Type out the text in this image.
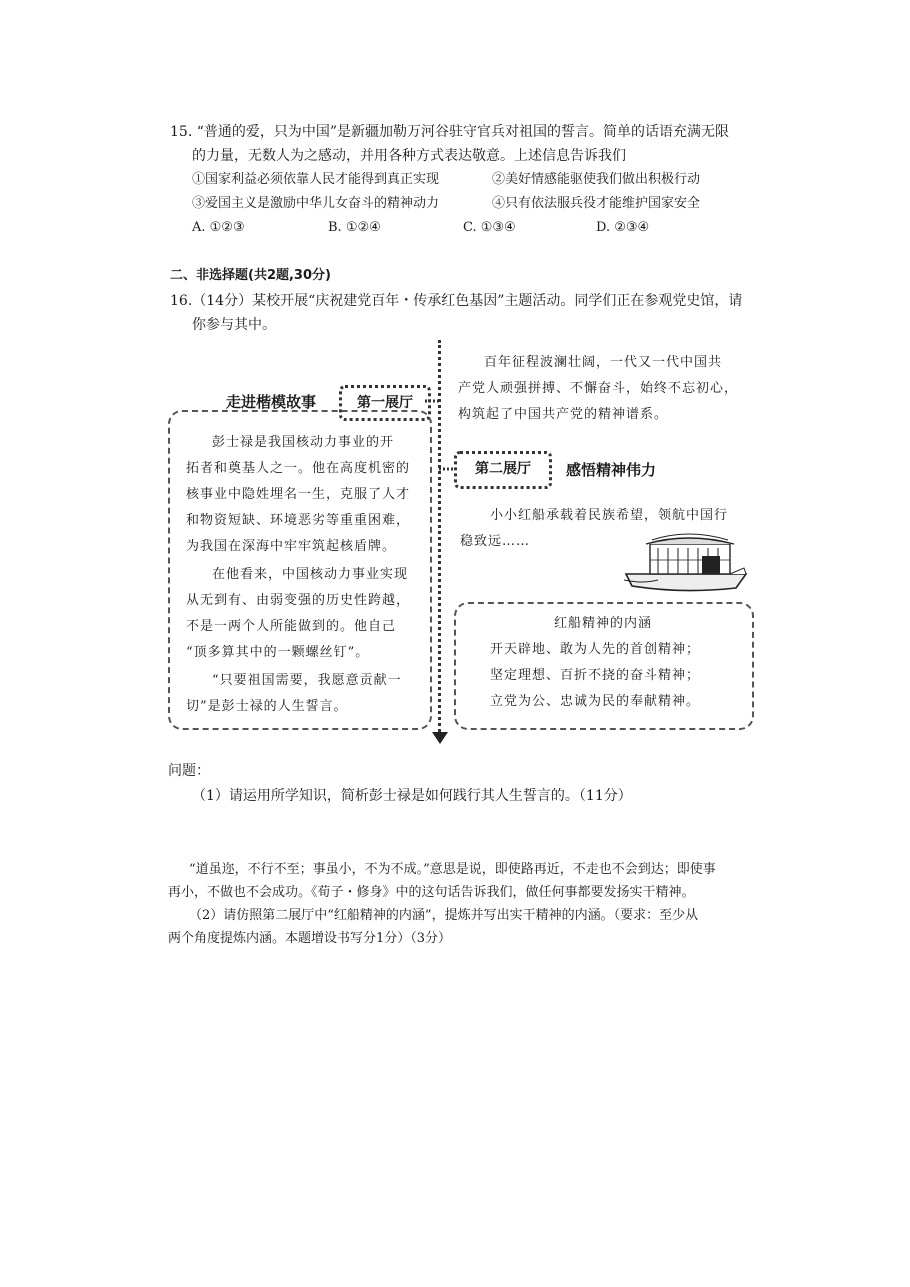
15. “普通的爱，只为中国”是新疆加勒万河谷驻守官兵对祖国的誓言。简单的话语充满无限
的力量，无数人为之感动，并用各种方式表达敬意。上述信息告诉我们
①国家利益必须依靠人民才能得到真正实现	②美好情感能驱使我们做出积极行动
③爱国主义是激励中华儿女奋斗的精神动力	④只有依法服兵役才能维护国家安全
A. ①②③	B. ①②④	C. ①③④	D. ②③④
二、非选择题(共2题,30分)
16.（14分）某校开展“庆祝建党百年・传承红色基因”主题活动。同学们正在参观党史馆，请
你参与其中。
走进楷模故事	第一展厅
彭士禄是我国核动力事业的开
拓者和奠基人之一。他在高度机密的
核事业中隐姓埋名一生，克服了人才
和物资短缺、环境恶劣等重重困难，
为我国在深海中牢牢筑起核盾牌。
在他看来，中国核动力事业实现
从无到有、由弱变强的历史性跨越，
不是一两个人所能做到的。他自己
“顶多算其中的一颗螺丝钉”。
“只要祖国需要，我愿意贡献一
切”是彭士禄的人生誓言。
百年征程波澜壮阔，一代又一代中国共
产党人顽强拼搏、不懈奋斗，始终不忘初心，
构筑起了中国共产党的精神谱系。
第二展厅	感悟精神伟力
小小红船承载着民族希望，领航中国行
稳致远……
红船精神的内涵
开天辟地、敢为人先的首创精神；
坚定理想、百折不挠的奋斗精神；
立党为公、忠诚为民的奉献精神。
问题：
（1）请运用所学知识，简析彭士禄是如何践行其人生誓言的。（11分）
“道虽迩，不行不至；事虽小，不为不成。”意思是说，即使路再近，不走也不会到达；即使事
再小，不做也不会成功。《荀子・修身》中的这句话告诉我们，做任何事都要发扬实干精神。
（2）请仿照第二展厅中“红船精神的内涵”，提炼并写出实干精神的内涵。（要求：至少从
两个角度提炼内涵。本题增设书写分1分）（3分）
